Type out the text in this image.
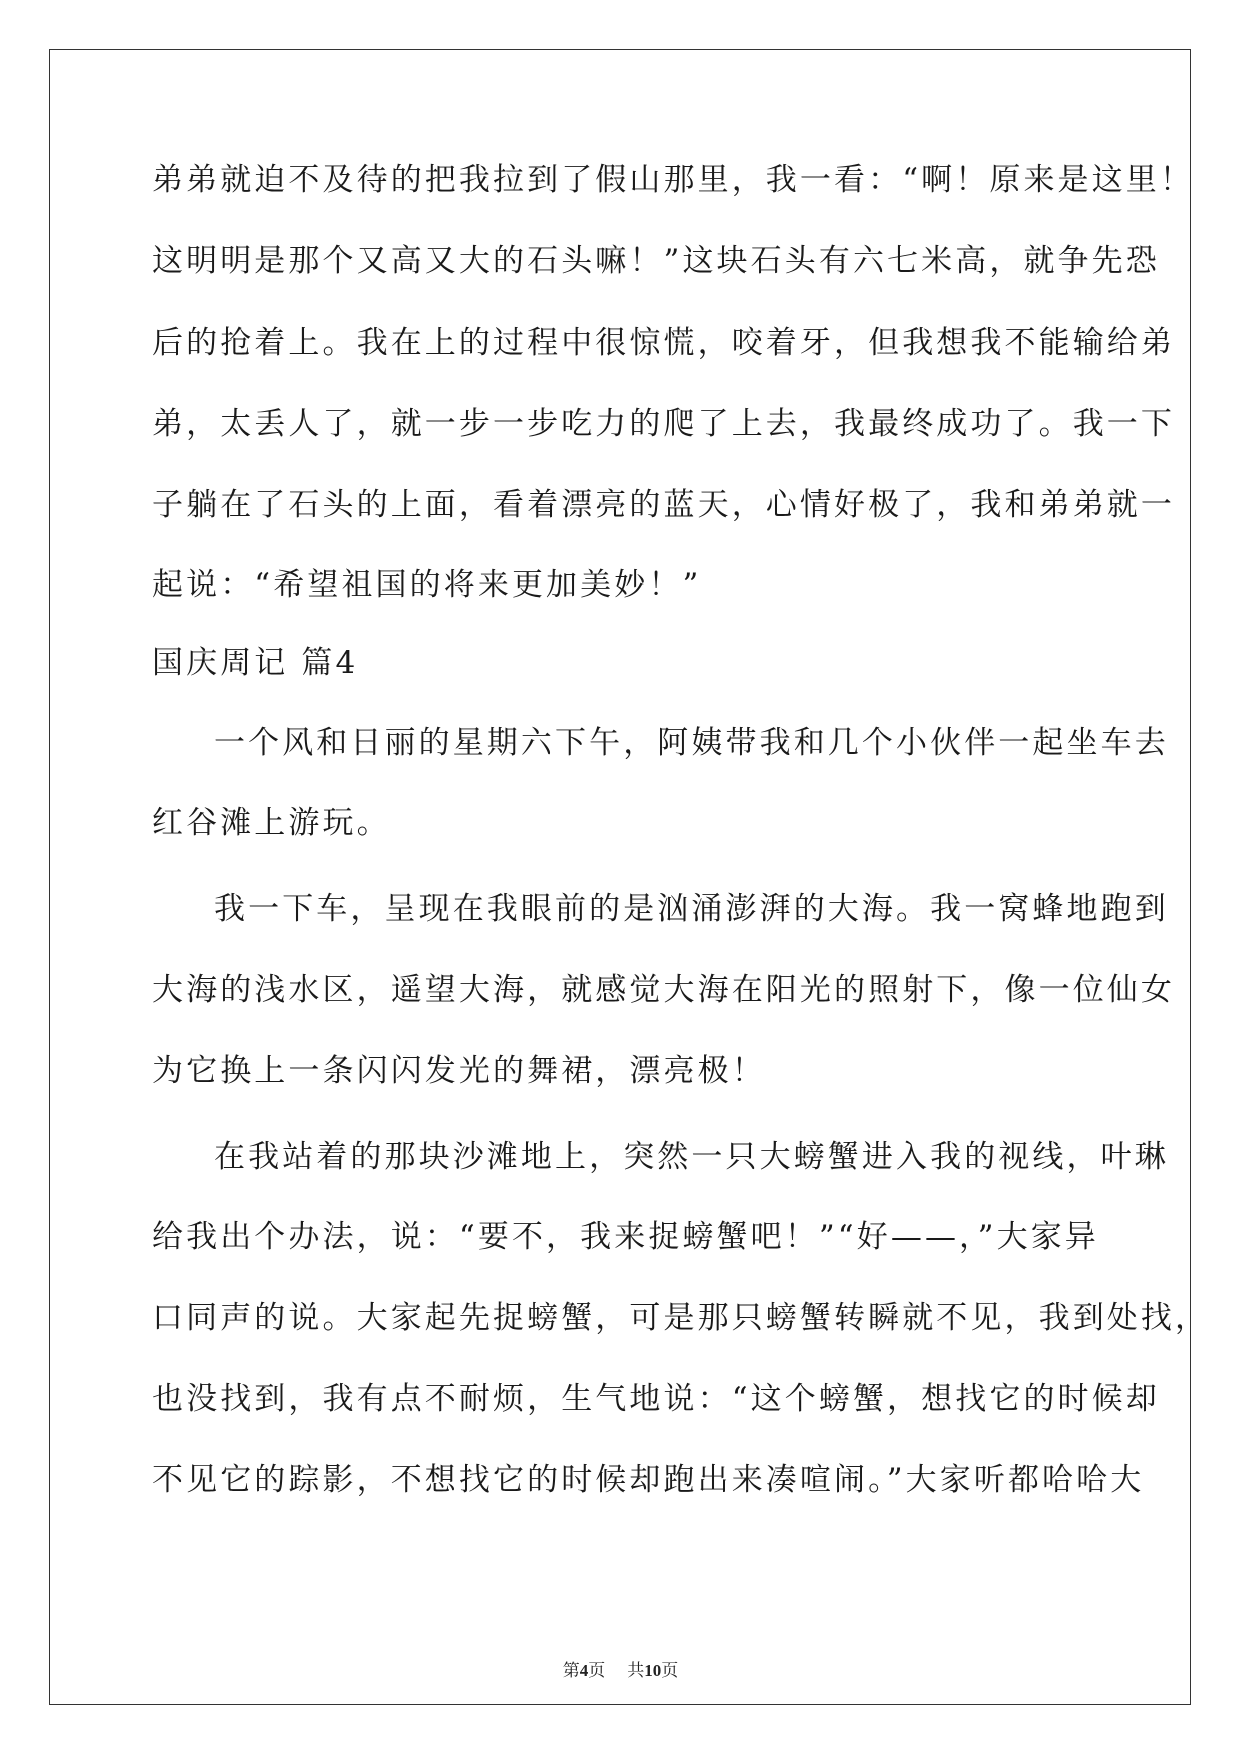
弟弟就迫不及待的把我拉到了假山那里，我一看：“啊！原来是这里！
这明明是那个又高又大的石头嘛！”这块石头有六七米高，就争先恐
后的抢着上。我在上的过程中很惊慌，咬着牙，但我想我不能输给弟
弟，太丢人了，就一步一步吃力的爬了上去，我最终成功了。我一下
子躺在了石头的上面，看着漂亮的蓝天，心情好极了，我和弟弟就一
起说：“希望祖国的将来更加美妙！”
国庆周记 篇4
一个风和日丽的星期六下午，阿姨带我和几个小伙伴一起坐车去
红谷滩上游玩。
我一下车，呈现在我眼前的是汹涌澎湃的大海。我一窝蜂地跑到
大海的浅水区，遥望大海，就感觉大海在阳光的照射下，像一位仙女
为它换上一条闪闪发光的舞裙，漂亮极！
在我站着的那块沙滩地上，突然一只大螃蟹进入我的视线，叶琳
给我出个办法，说：“要不，我来捉螃蟹吧！”“好——，”大家异
口同声的说。大家起先捉螃蟹，可是那只螃蟹转瞬就不见，我到处找，
也没找到，我有点不耐烦，生气地说：“这个螃蟹，想找它的时候却
不见它的踪影，不想找它的时候却跑出来凑喧闹。”大家听都哈哈大
第4页 共10页
